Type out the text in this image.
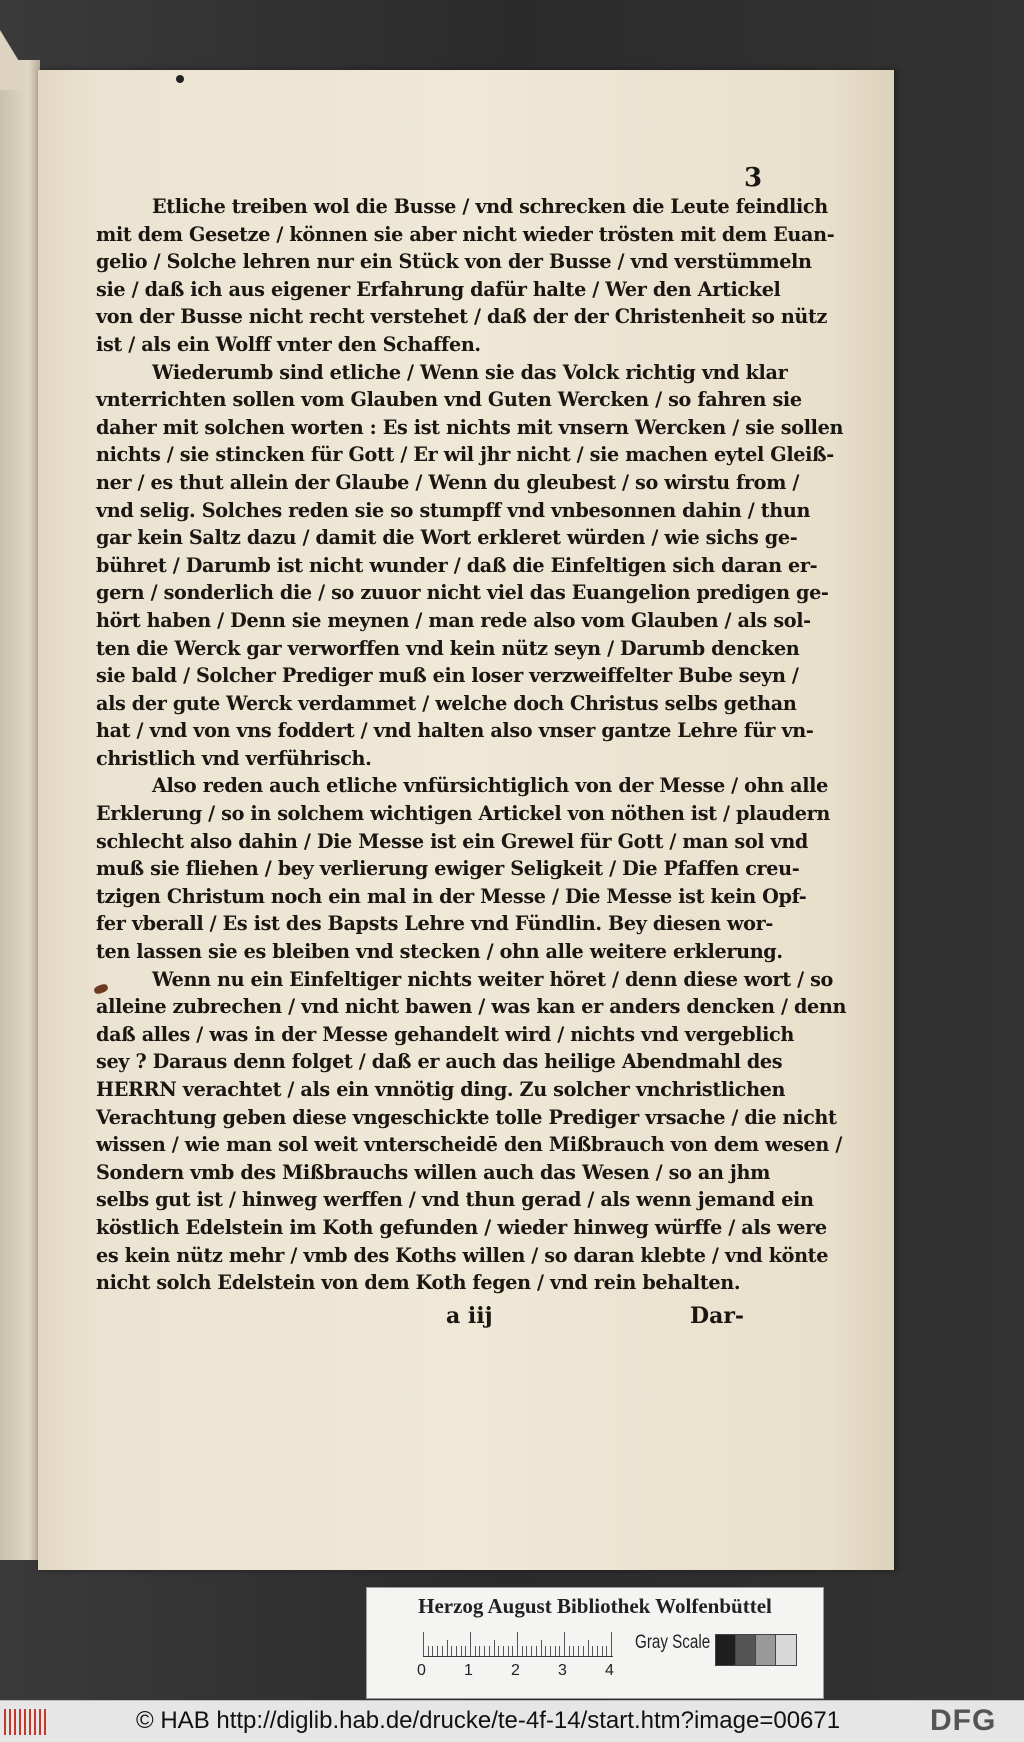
3
Etliche treiben wol die Busse / vnd schrecken die Leute feindlich
mit dem Gesetze / können sie aber nicht wieder trösten mit dem Euan-
gelio / Solche lehren nur ein Stück von der Busse / vnd verstümmeln
sie / daß ich aus eigener Erfahrung dafür halte / Wer den Artickel
von der Busse nicht recht verstehet / daß der der Christenheit so nütz
ist / als ein Wolff vnter den Schaffen.
Wiederumb sind etliche / Wenn sie das Volck richtig vnd klar
vnterrichten sollen vom Glauben vnd Guten Wercken / so fahren sie
daher mit solchen worten : Es ist nichts mit vnsern Wercken / sie sollen
nichts / sie stincken für Gott / Er wil jhr nicht / sie machen eytel Gleiß-
ner / es thut allein der Glaube / Wenn du gleubest / so wirstu from /
vnd selig. Solches reden sie so stumpff vnd vnbesonnen dahin / thun
gar kein Saltz dazu / damit die Wort erkleret würden / wie sichs ge-
bühret / Darumb ist nicht wunder / daß die Einfeltigen sich daran er-
gern / sonderlich die / so zuuor nicht viel das Euangelion predigen ge-
hört haben / Denn sie meynen / man rede also vom Glauben / als sol-
ten die Werck gar verworffen vnd kein nütz seyn / Darumb dencken
sie bald / Solcher Prediger muß ein loser verzweiffelter Bube seyn /
als der gute Werck verdammet / welche doch Christus selbs gethan
hat / vnd von vns foddert / vnd halten also vnser gantze Lehre für vn-
christlich vnd verführisch.
Also reden auch etliche vnfürsichtiglich von der Messe / ohn alle
Erklerung / so in solchem wichtigen Artickel von nöthen ist / plaudern
schlecht also dahin / Die Messe ist ein Grewel für Gott / man sol vnd
muß sie fliehen / bey verlierung ewiger Seligkeit / Die Pfaffen creu-
tzigen Christum noch ein mal in der Messe / Die Messe ist kein Opf-
fer vberall / Es ist des Bapsts Lehre vnd Fündlin. Bey diesen wor-
ten lassen sie es bleiben vnd stecken / ohn alle weitere erklerung.
Wenn nu ein Einfeltiger nichts weiter höret / denn diese wort / so
alleine zubrechen / vnd nicht bawen / was kan er anders dencken / denn
daß alles / was in der Messe gehandelt wird / nichts vnd vergeblich
sey ? Daraus denn folget / daß er auch das heilige Abendmahl des
HERRN verachtet / als ein vnnötig ding. Zu solcher vnchristlichen
Verachtung geben diese vngeschickte tolle Prediger vrsache / die nicht
wissen / wie man sol weit vnterscheidē den Mißbrauch von dem wesen /
Sondern vmb des Mißbrauchs willen auch das Wesen / so an jhm
selbs gut ist / hinweg werffen / vnd thun gerad / als wenn jemand ein
köstlich Edelstein im Koth gefunden / wieder hinweg würffe / als were
es kein nütz mehr / vmb des Koths willen / so daran klebte / vnd könte
nicht solch Edelstein von dem Koth fegen / vnd rein behalten.
a iij	Dar-
Herzog August Bibliothek Wolfenbüttel
0 1 2 3 4
Gray Scale
© HAB http://diglib.hab.de/drucke/te-4f-14/start.htm?image=00671	DFG
